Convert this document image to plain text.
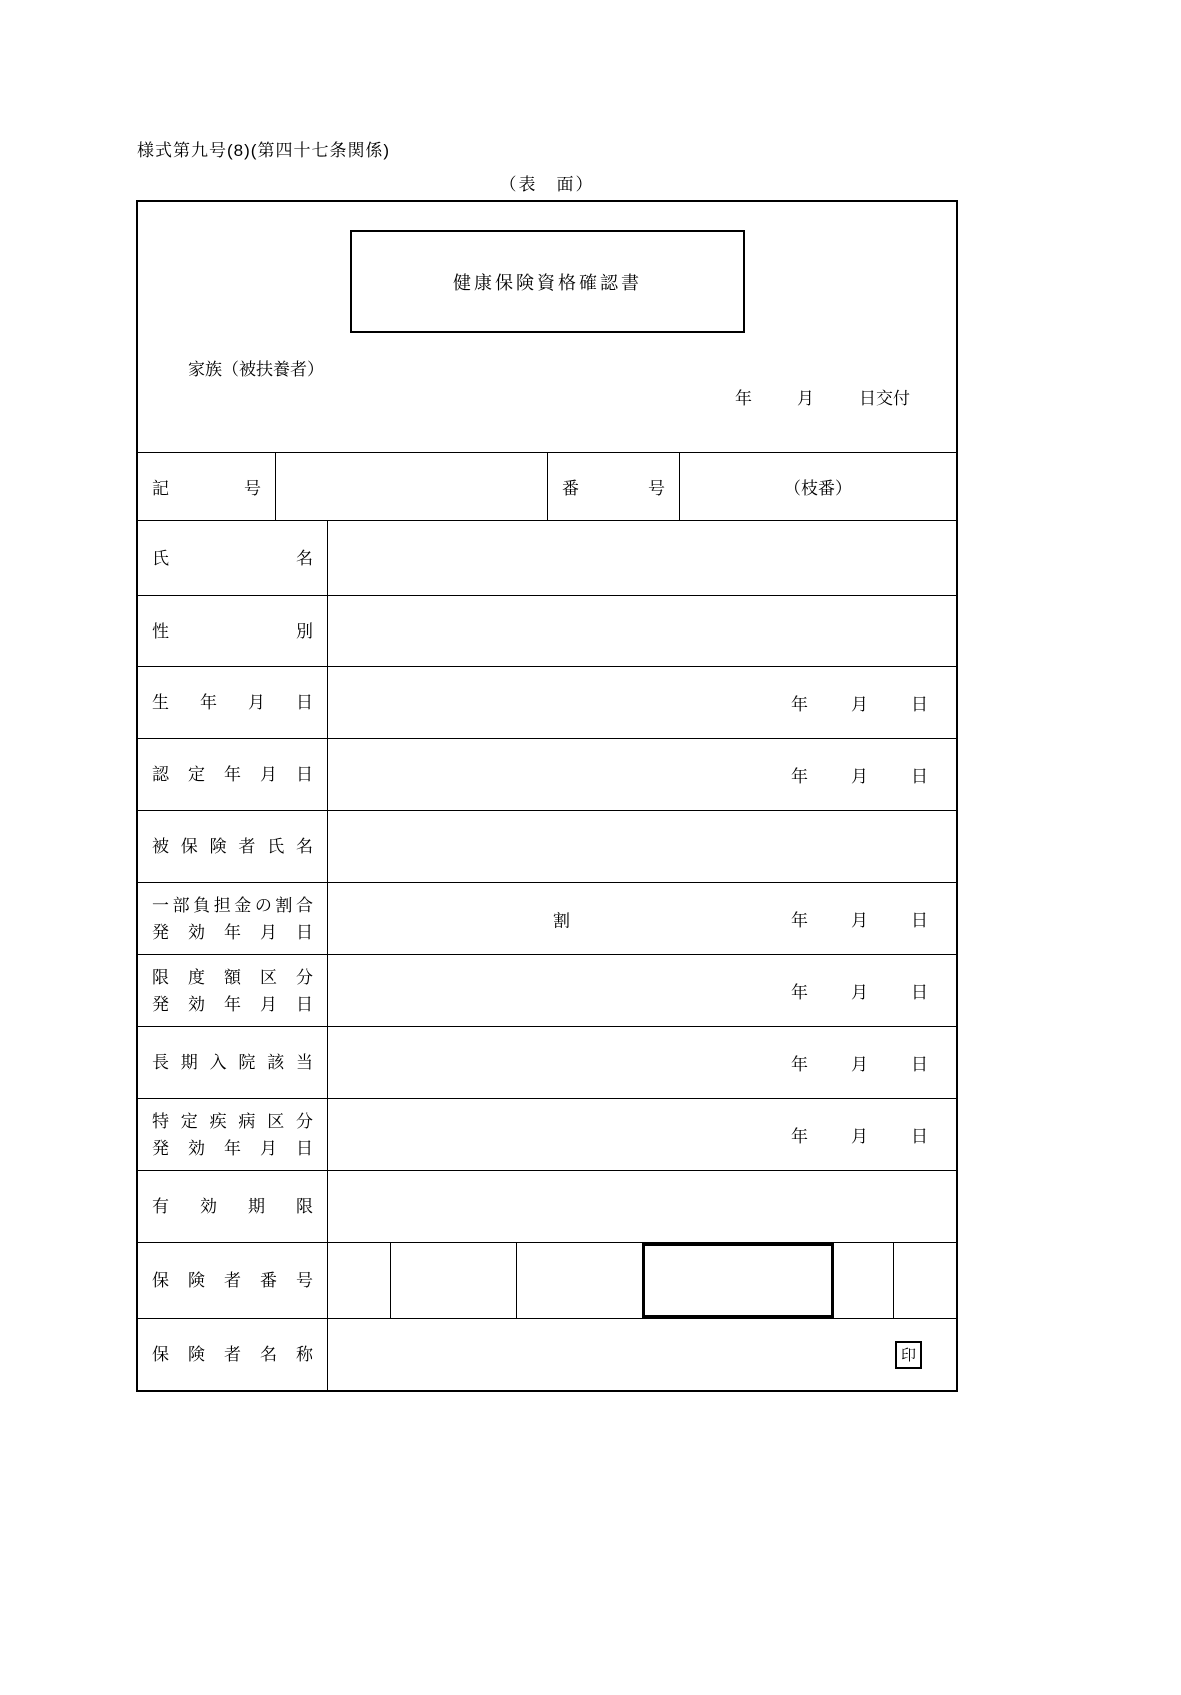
様式第九号(8)(第四十七条関係)
（表　面）
健康保険資格確認書
家族（被扶養者）
年	月	日交付
記	号	番	号	（枝番）
氏	名
性	別
生 年 月 日	年	月	日
認 定 年 月 日	年	月	日
被 保 険 者 氏 名
一 部 負 担 金 の 割 合
発 効 年 月 日
割	年	月	日
限 度 額 区 分
発 効 年 月 日
年	月	日
長 期 入 院 該 当	年	月	日
特 定 疾 病 区 分
発 効 年 月 日
年	月	日
有 効 期 限
保 険 者 番 号
保 険 者 名 称	印
